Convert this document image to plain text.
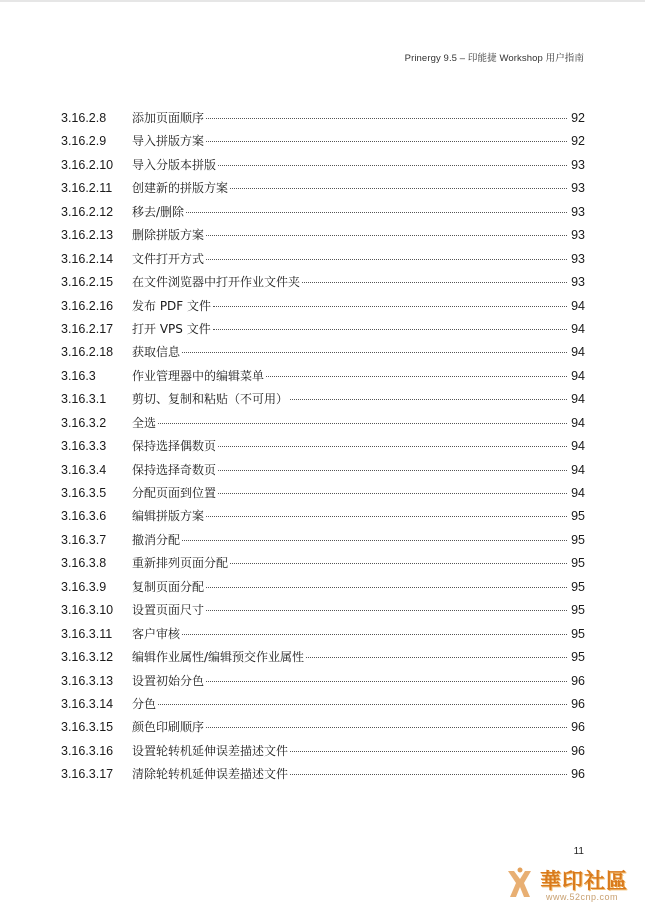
Prinergy 9.5 – 印能捷 Workshop 用户指南
3.16.2.8	添加页面顺序	92
3.16.2.9	导入拼版方案	92
3.16.2.10	导入分版本拼版	93
3.16.2.11	创建新的拼版方案	93
3.16.2.12	移去/删除	93
3.16.2.13	删除拼版方案	93
3.16.2.14	文件打开方式	93
3.16.2.15	在文件浏览器中打开作业文件夹	93
3.16.2.16	发布 PDF 文件	94
3.16.2.17	打开 VPS 文件	94
3.16.2.18	获取信息	94
3.16.3	作业管理器中的编辑菜单	94
3.16.3.1	剪切、复制和粘贴（不可用）	94
3.16.3.2	全选	94
3.16.3.3	保持选择偶数页	94
3.16.3.4	保持选择奇数页	94
3.16.3.5	分配页面到位置	94
3.16.3.6	编辑拼版方案	95
3.16.3.7	撤消分配	95
3.16.3.8	重新排列页面分配	95
3.16.3.9	复制页面分配	95
3.16.3.10	设置页面尺寸	95
3.16.3.11	客户审核	95
3.16.3.12	编辑作业属性/编辑预交作业属性	95
3.16.3.13	设置初始分色	96
3.16.3.14	分色	96
3.16.3.15	颜色印刷顺序	96
3.16.3.16	设置轮转机延伸误差描述文件	96
3.16.3.17	清除轮转机延伸误差描述文件	96
11
華印社區
www.52cnp.com
